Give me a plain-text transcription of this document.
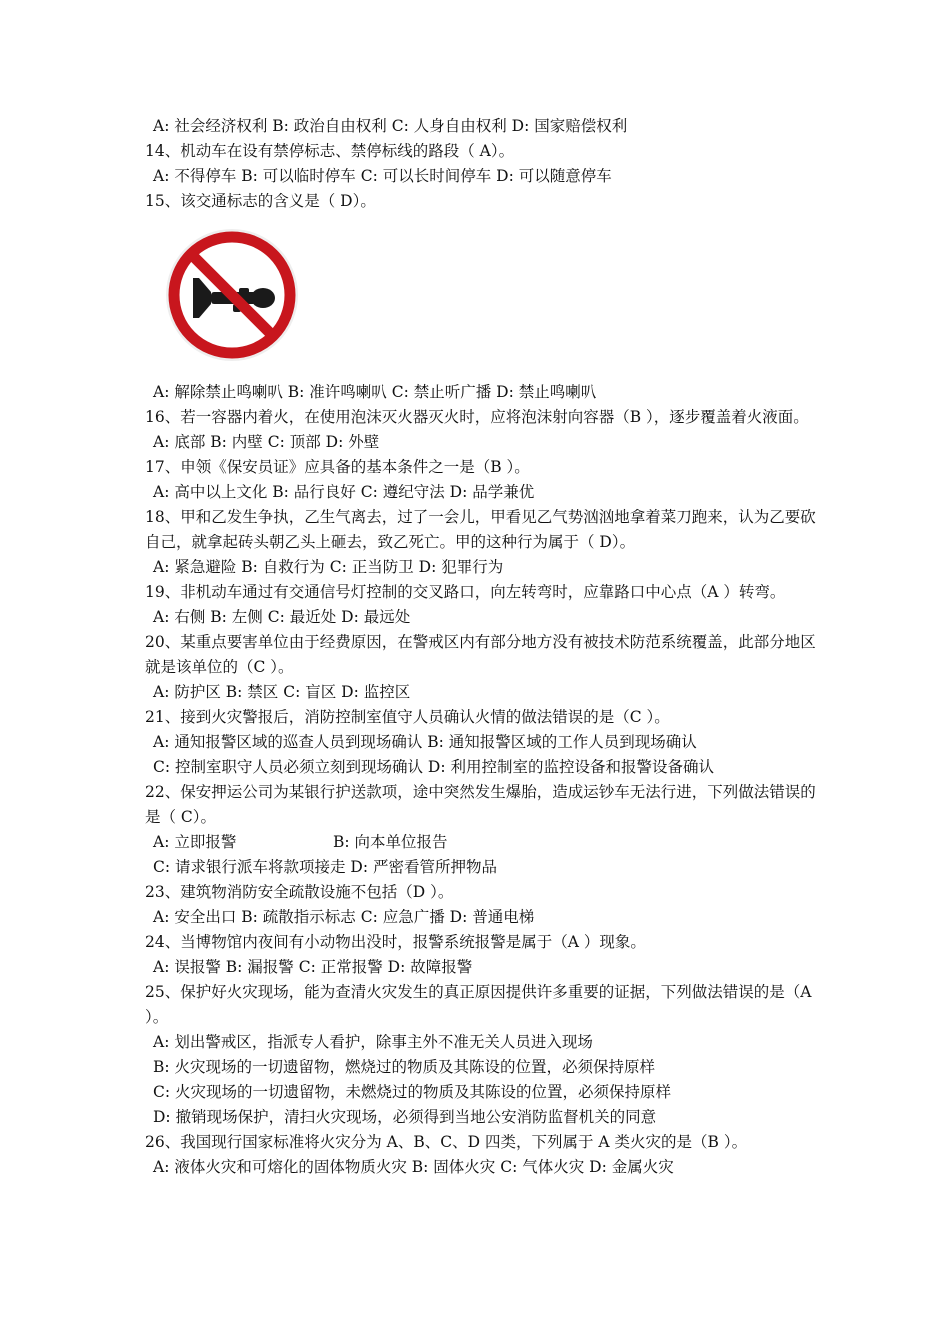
A: 社会经济权利 B: 政治自由权利 C: 人身自由权利 D: 国家赔偿权利
14、机动车在设有禁停标志、禁停标线的路段（ A）。
A: 不得停车 B: 可以临时停车 C: 可以长时间停车 D: 可以随意停车
15、该交通标志的含义是（ D）。
A: 解除禁止鸣喇叭 B: 准许鸣喇叭 C: 禁止听广播 D: 禁止鸣喇叭
16、若一容器内着火，在使用泡沫灭火器灭火时，应将泡沫射向容器（B ），逐步覆盖着火液面。
A: 底部 B: 内壁 C: 顶部 D: 外壁
17、申领《保安员证》应具备的基本条件之一是（B ）。
A: 高中以上文化 B: 品行良好 C: 遵纪守法 D: 品学兼优
18、甲和乙发生争执，乙生气离去，过了一会儿，甲看见乙气势汹汹地拿着菜刀跑来，认为乙要砍自己，就拿起砖头朝乙头上砸去，致乙死亡。甲的这种行为属于（ D）。
A: 紧急避险 B: 自救行为 C: 正当防卫 D: 犯罪行为
19、非机动车通过有交通信号灯控制的交叉路口，向左转弯时，应靠路口中心点（A ）转弯。
A: 右侧 B: 左侧 C: 最近处 D: 最远处
20、某重点要害单位由于经费原因，在警戒区内有部分地方没有被技术防范系统覆盖，此部分地区就是该单位的（C ）。
A: 防护区 B: 禁区 C: 盲区 D: 监控区
21、接到火灾警报后，消防控制室值守人员确认火情的做法错误的是（C ）。
A: 通知报警区域的巡查人员到现场确认 B: 通知报警区域的工作人员到现场确认
C: 控制室职守人员必须立刻到现场确认 D: 利用控制室的监控设备和报警设备确认
22、保安押运公司为某银行护送款项，途中突然发生爆胎，造成运钞车无法行进，下列做法错误的是（ C）。
A: 立即报警	B: 向本单位报告
C: 请求银行派车将款项接走 D: 严密看管所押物品
23、建筑物消防安全疏散设施不包括（D ）。
A: 安全出口 B: 疏散指示标志 C: 应急广播 D: 普通电梯
24、当博物馆内夜间有小动物出没时，报警系统报警是属于（A ）现象。
A: 误报警 B: 漏报警 C: 正常报警 D: 故障报警
25、保护好火灾现场，能为查清火灾发生的真正原因提供许多重要的证据，下列做法错误的是（A ）。
A: 划出警戒区，指派专人看护，除事主外不准无关人员进入现场
B: 火灾现场的一切遗留物，燃烧过的物质及其陈设的位置，必须保持原样
C: 火灾现场的一切遗留物，未燃烧过的物质及其陈设的位置，必须保持原样
D: 撤销现场保护，清扫火灾现场，必须得到当地公安消防监督机关的同意
26、我国现行国家标准将火灾分为 A、B、C、D 四类，下列属于 A 类火灾的是（B ）。
A: 液体火灾和可熔化的固体物质火灾 B: 固体火灾 C: 气体火灾 D: 金属火灾
